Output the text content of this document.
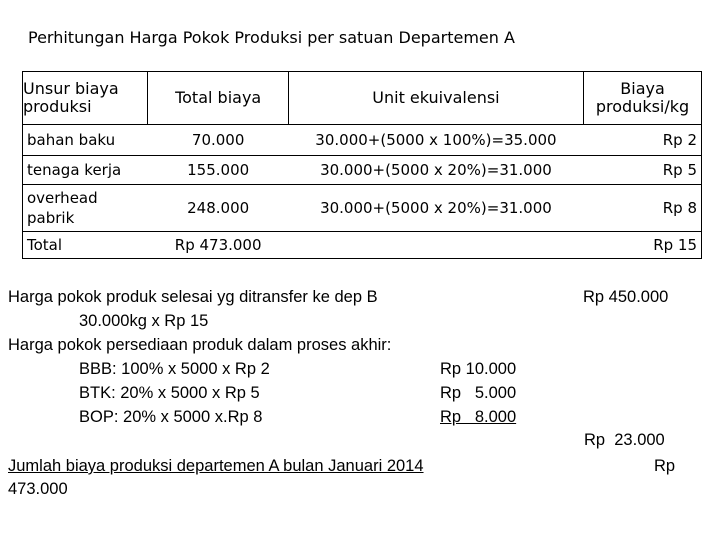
Perhitungan Harga Pokok Produksi per satuan Departemen A
Unsur biaya produksi	Total biaya	Unit ekuivalensi	Biaya produksi/kg
bahan baku	70.000	30.000+(5000 x 100%)=35.000	Rp 2
tenaga kerja	155.000	30.000+(5000 x 20%)=31.000	Rp 5
overhead pabrik	248.000	30.000+(5000 x 20%)=31.000	Rp 8
Total	Rp 473.000		Rp 15
Harga pokok produk selesai yg ditransfer ke dep B	Rp 450.000
30.000kg x Rp 15
Harga pokok persediaan produk dalam proses akhir:
BBB: 100% x 5000 x Rp 2	Rp 10.000
BTK: 20% x 5000 x Rp 5	Rp   5.000
BOP: 20% x 5000 x.Rp 8	Rp   8.000
Rp  23.000
Jumlah biaya produksi departemen A bulan Januari 2014	Rp
473.000
